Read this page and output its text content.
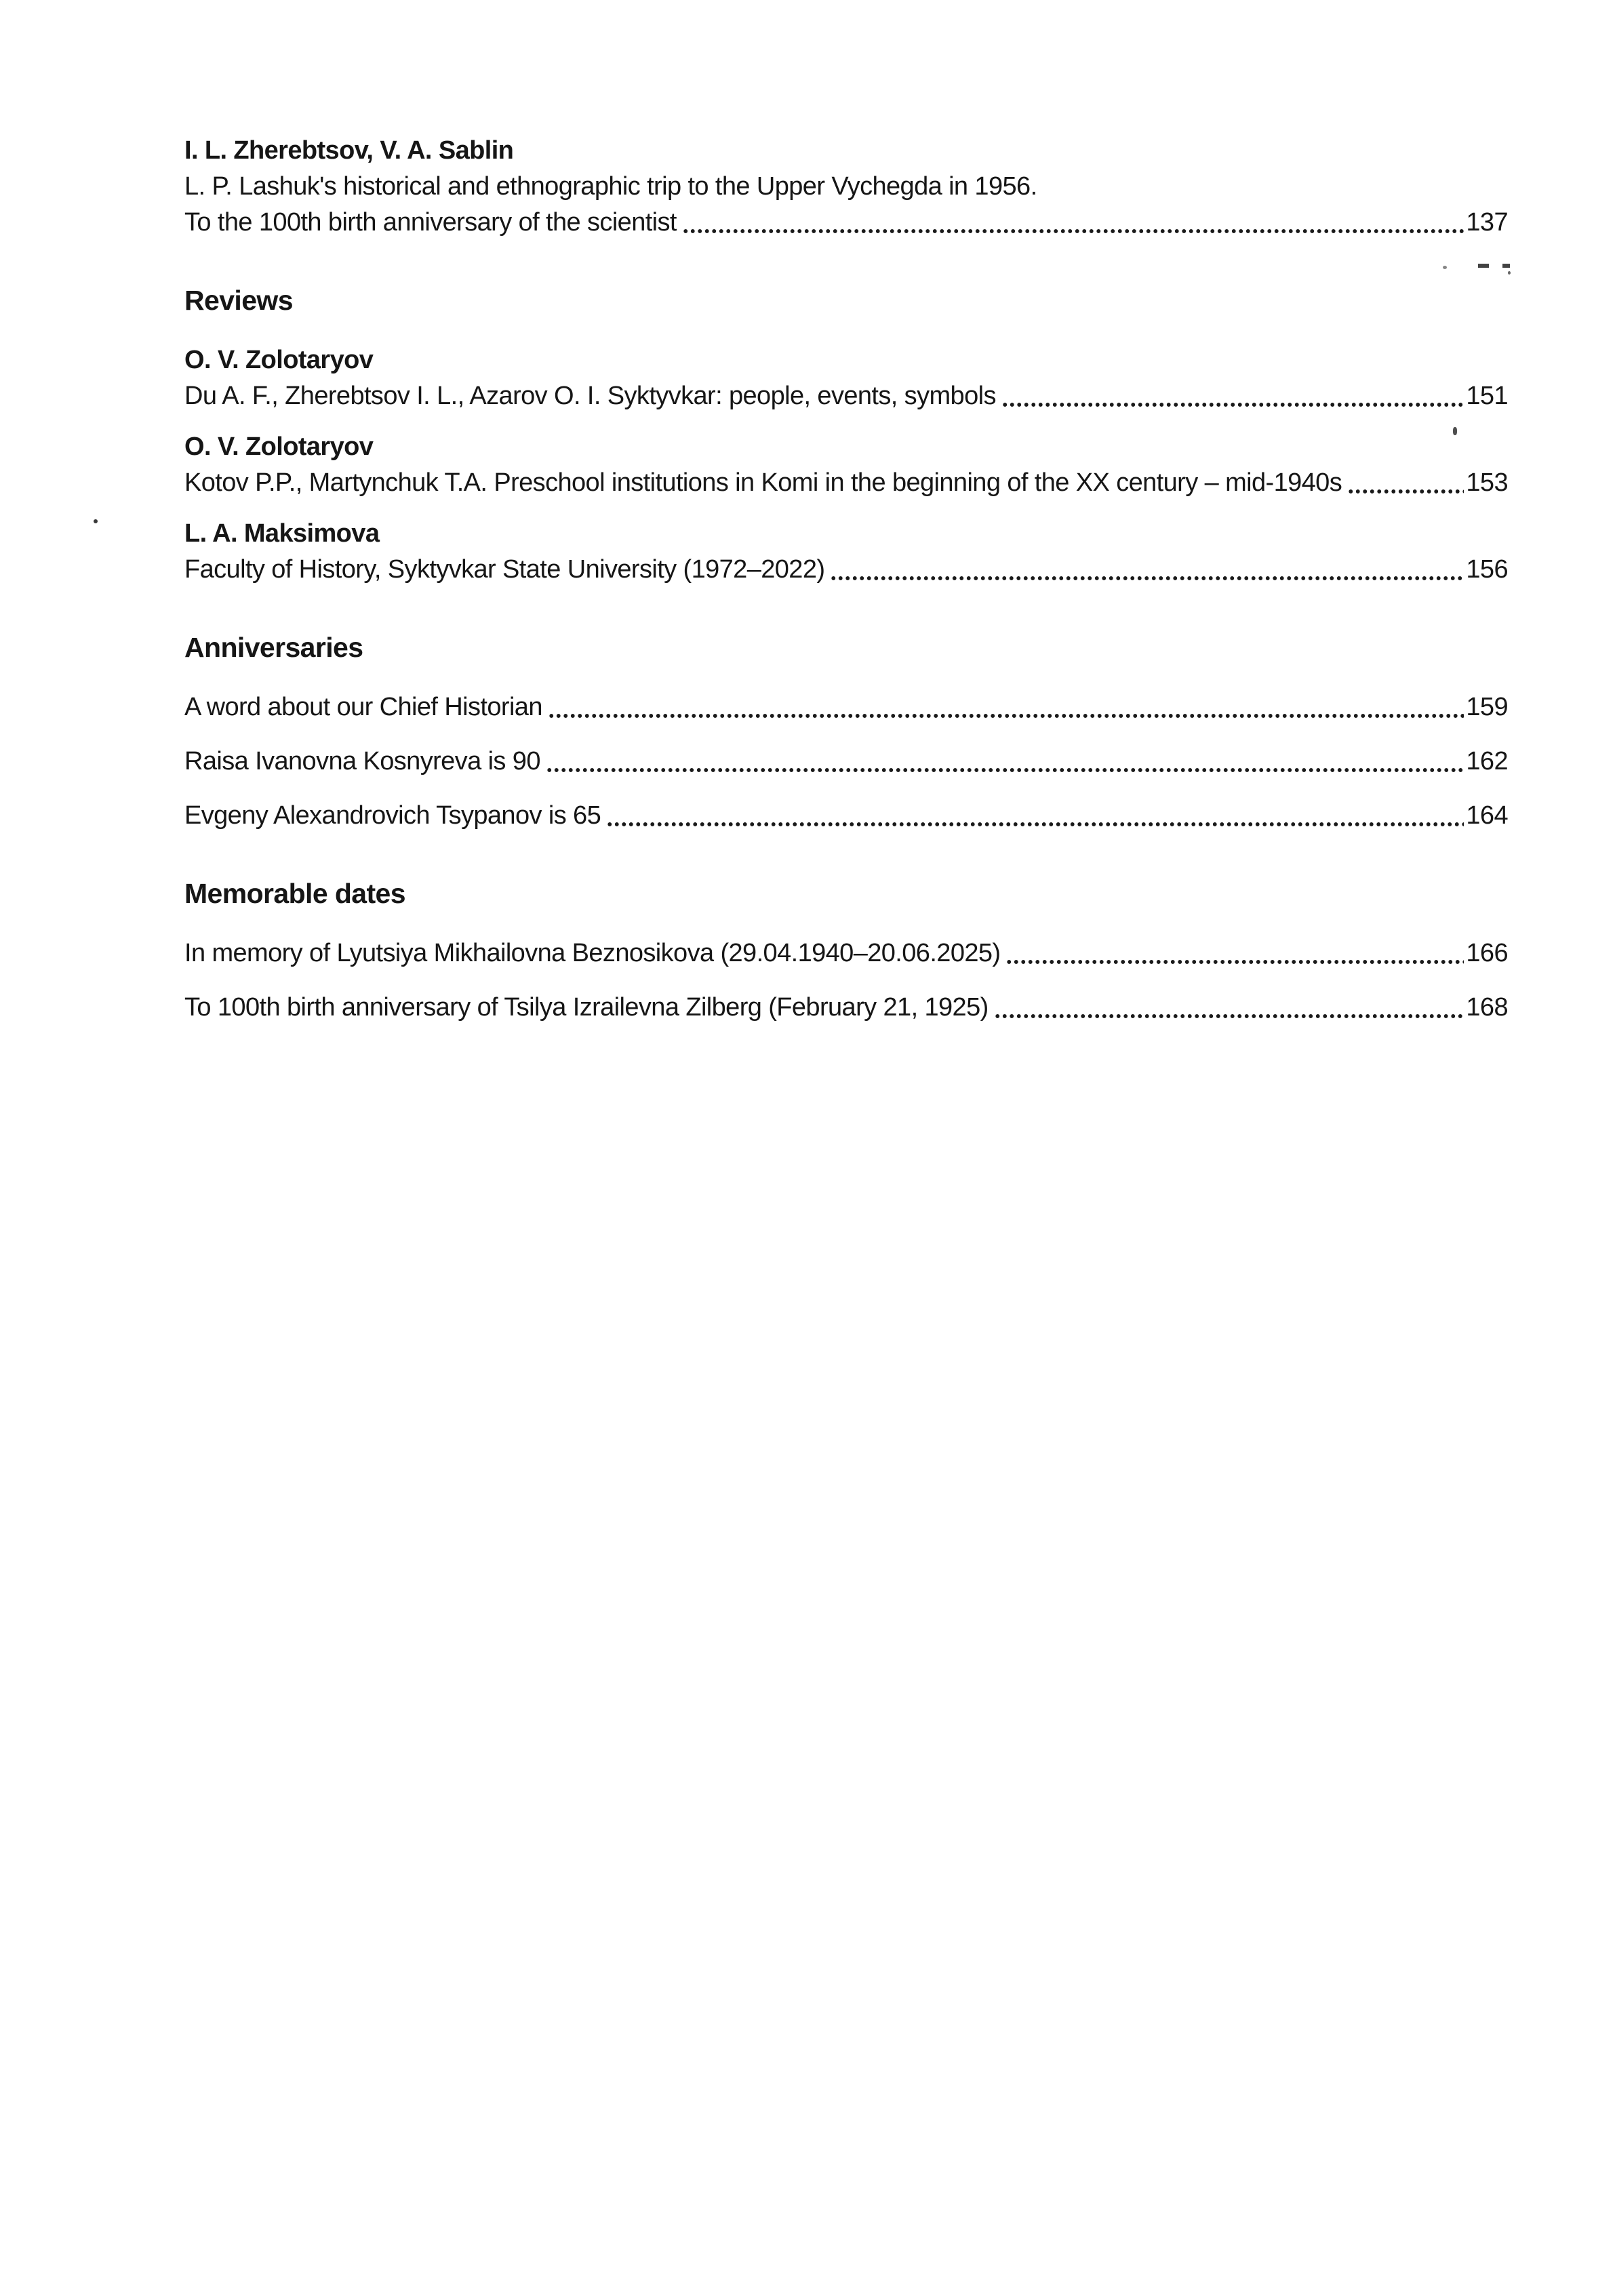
I. L. Zherebtsov, V. A. Sablin
L. P. Lashuk's historical and ethnographic trip to the Upper Vychegda in 1956.
To the 100th birth anniversary of the scientist	137
Reviews
O. V. Zolotaryov
Du A. F., Zherebtsov I. L., Azarov O. I. Syktyvkar: people, events, symbols	151
O. V. Zolotaryov
Kotov P.P., Martynchuk T.A. Preschool institutions in Komi in the beginning of the XX century – mid-1940s	153
L. A. Maksimova
Faculty of History, Syktyvkar State University (1972–2022)	156
Anniversaries
A word about our Chief Historian	159
Raisa Ivanovna Kosnyreva is 90	162
Evgeny Alexandrovich Tsypanov is 65	164
Memorable dates
In memory of Lyutsiya Mikhailovna Beznosikova (29.04.1940–20.06.2025)	166
To 100th birth anniversary of Tsilya Izrailevna Zilberg (February 21, 1925)	168
